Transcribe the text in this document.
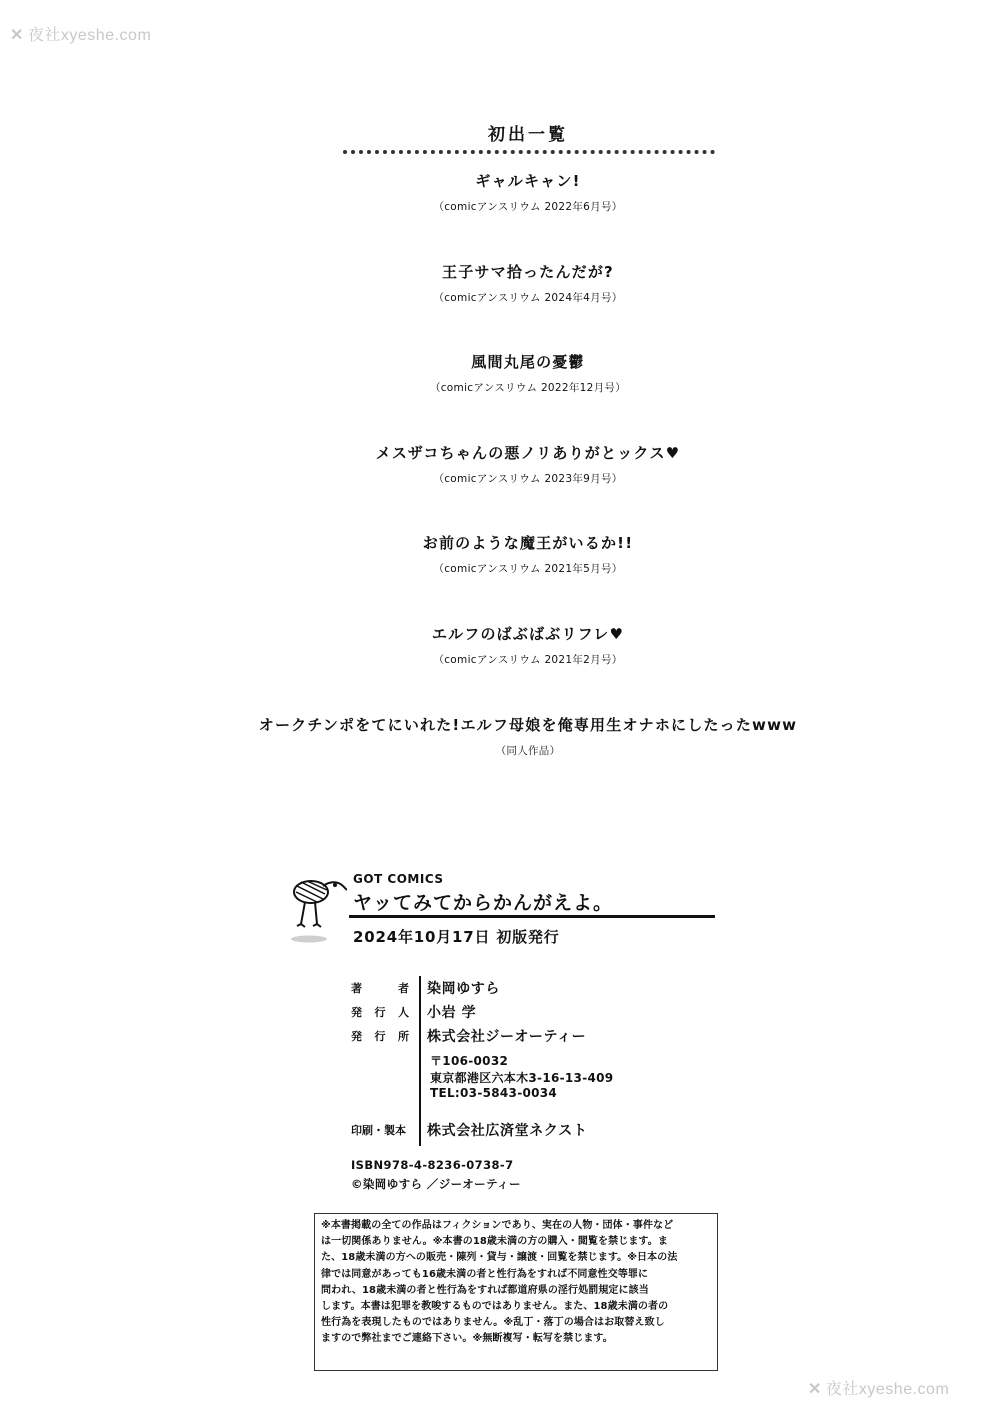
✕ 夜社xyeshe.com
初出一覧
ギャルキャン!
（comicアンスリウム 2022年6月号）
王子サマ拾ったんだが?
（comicアンスリウム 2024年4月号）
風間丸尾の憂鬱
（comicアンスリウム 2022年12月号）
メスザコちゃんの悪ノリありがとックス♥
（comicアンスリウム 2023年9月号）
お前のような魔王がいるか!!
（comicアンスリウム 2021年5月号）
エルフのばぶばぶリフレ♥
（comicアンスリウム 2021年2月号）
オークチンポをてにいれた!エルフ母娘を俺専用生オナホにしたったwww
（同人作品）
GOT COMICS
ヤッてみてからかんがえよ。
2024年10月17日 初版発行
著者 染岡ゆすら
発行人 小岩 学
発行所 株式会社ジーオーティー
〒106-0032
東京都港区六本木3-16-13-409
TEL:03-5843-0034
印刷・製本 株式会社広済堂ネクスト
ISBN978-4-8236-0738-7
©染岡ゆすら ／ジーオーティー
※本書掲載の全ての作品はフィクションであり、実在の人物・団体・事件など
は一切関係ありません。※本書の18歳未満の方の購入・閲覧を禁じます。ま
た、18歳未満の方への販売・陳列・貸与・譲渡・回覧を禁じます。※日本の法
律では同意があっても16歳未満の者と性行為をすれば不同意性交等罪に
問われ、18歳未満の者と性行為をすれば都道府県の淫行処罰規定に該当
します。本書は犯罪を教唆するものではありません。また、18歳未満の者の
性行為を表現したものではありません。※乱丁・落丁の場合はお取替え致し
ますので弊社までご連絡下さい。※無断複写・転写を禁じます。
✕ 夜社xyeshe.com
